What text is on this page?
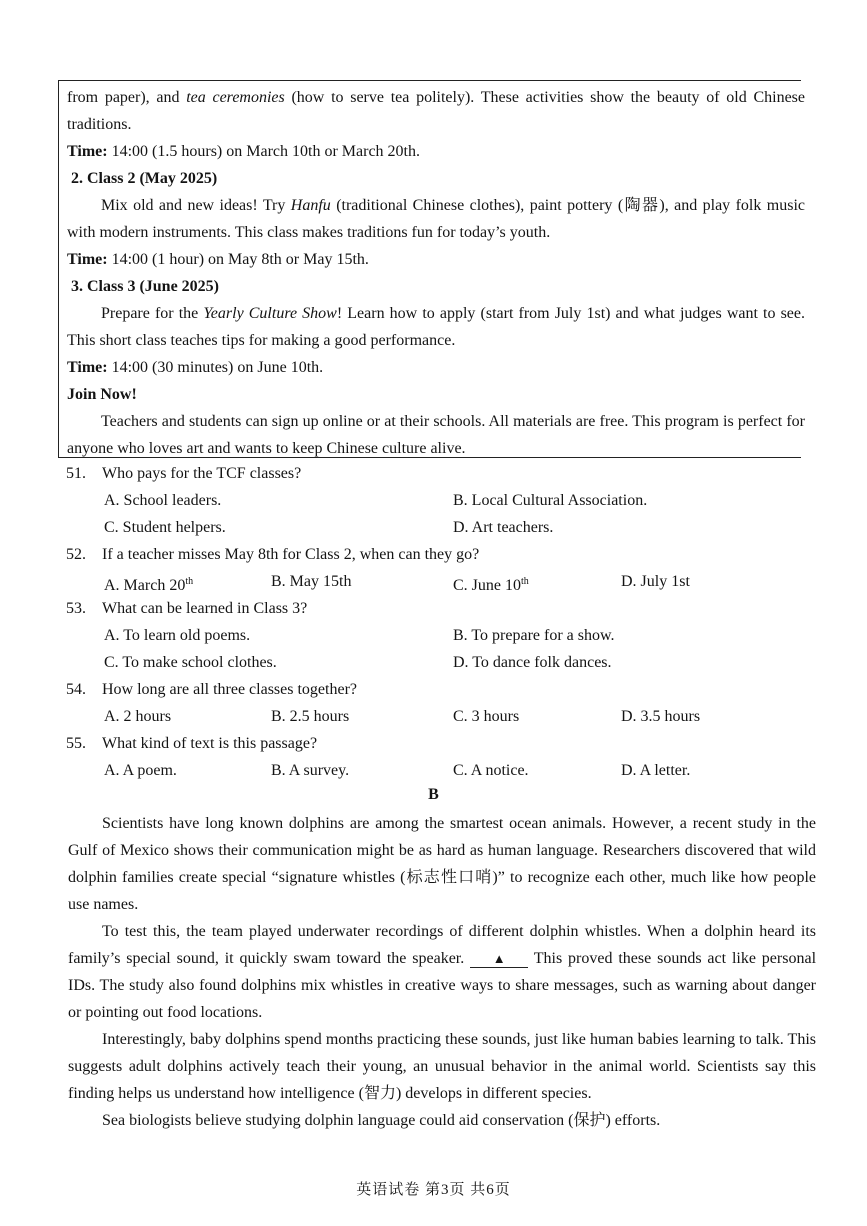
from paper), and tea ceremonies (how to serve tea politely). These activities show the beauty of old Chinese traditions.

Time: 14:00 (1.5 hours) on March 10th or March 20th.

2. Class 2 (May 2025)

Mix old and new ideas! Try Hanfu (traditional Chinese clothes), paint pottery (陶器), and play folk music with modern instruments. This class makes traditions fun for today’s youth.

Time: 14:00 (1 hour) on May 8th or May 15th.

3. Class 3 (June 2025)

Prepare for the Yearly Culture Show! Learn how to apply (start from July 1st) and what judges want to see. This short class teaches tips for making a good performance.

Time: 14:00 (30 minutes) on June 10th.

Join Now!

Teachers and students can sign up online or at their schools. All materials are free. This program is perfect for anyone who loves art and wants to keep Chinese culture alive.

51. Who pays for the TCF classes?
A. School leaders.	B. Local Cultural Association.
C. Student helpers.	D. Art teachers.
52. If a teacher misses May 8th for Class 2, when can they go?
A. March 20th	B. May 15th	C. June 10th	D. July 1st
53. What can be learned in Class 3?
A. To learn old poems.	B. To prepare for a show.
C. To make school clothes.	D. To dance folk dances.
54. How long are all three classes together?
A. 2 hours	B. 2.5 hours	C. 3 hours	D. 3.5 hours
55. What kind of text is this passage?
A. A poem.	B. A survey.	C. A notice.	D. A letter.
B

Scientists have long known dolphins are among the smartest ocean animals. However, a recent study in the Gulf of Mexico shows their communication might be as hard as human language. Researchers discovered that wild dolphin families create special “signature whistles (标志性口哨)” to recognize each other, much like how people use names.

To test this, the team played underwater recordings of different dolphin whistles. When a dolphin heard its family’s special sound, it quickly swam toward the speaker. ▲ This proved these sounds act like personal IDs. The study also found dolphins mix whistles in creative ways to share messages, such as warning about danger or pointing out food locations.

Interestingly, baby dolphins spend months practicing these sounds, just like human babies learning to talk. This suggests adult dolphins actively teach their young, an unusual behavior in the animal world. Scientists say this finding helps us understand how intelligence (智力) develops in different species.

Sea biologists believe studying dolphin language could aid conservation (保护) efforts.

英语试卷 第3页 共6页
